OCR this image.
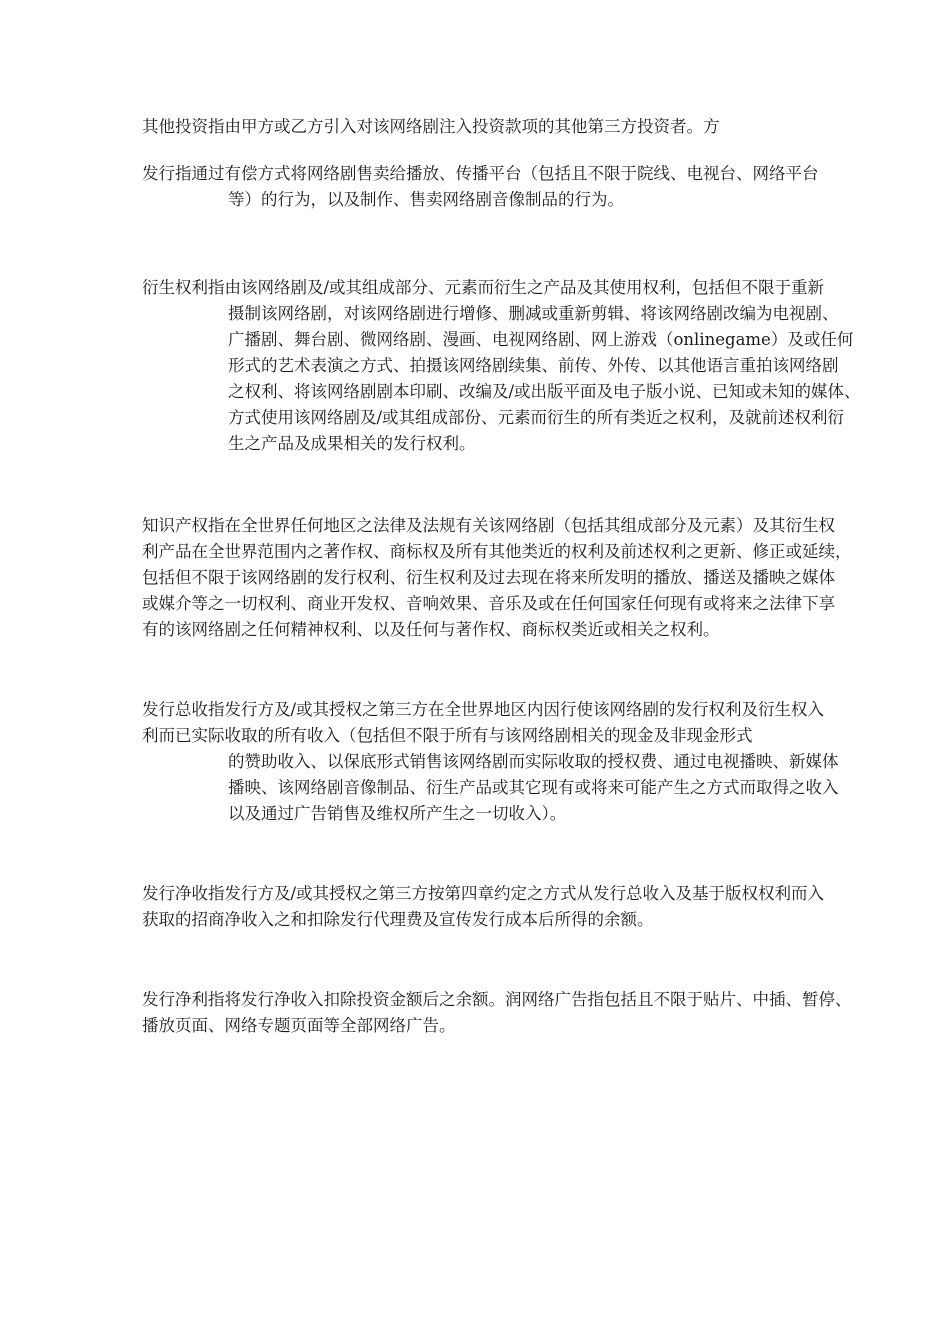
其他投资指由甲方或乙方引入对该网络剧注入投资款项的其他第三方投资者。方

发行指通过有偿方式将网络剧售卖给播放、传播平台（包括且不限于院线、电视台、网络平台
等）的行为，以及制作、售卖网络剧音像制品的行为。

衍生权利指由该网络剧及/或其组成部分、元素而衍生之产品及其使用权利，包括但不限于重新
摄制该网络剧，对该网络剧进行增修、删减或重新剪辑、将该网络剧改编为电视剧、
广播剧、舞台剧、微网络剧、漫画、电视网络剧、网上游戏（onlinegame）及或任何
形式的艺术表演之方式、拍摄该网络剧续集、前传、外传、以其他语言重拍该网络剧
之权利、将该网络剧剧本印刷、改编及/或出版平面及电子版小说、已知或未知的媒体、
方式使用该网络剧及/或其组成部份、元素而衍生的所有类近之权利，及就前述权利衍
生之产品及成果相关的发行权利。

知识产权指在全世界任何地区之法律及法规有关该网络剧（包括其组成部分及元素）及其衍生权
利产品在全世界范围内之著作权、商标权及所有其他类近的权利及前述权利之更新、修正或延续，
包括但不限于该网络剧的发行权利、衍生权利及过去现在将来所发明的播放、播送及播映之媒体
或媒介等之一切权利、商业开发权、音响效果、音乐及或在任何国家任何现有或将来之法律下享
有的该网络剧之任何精神权利、以及任何与著作权、商标权类近或相关之权利。

发行总收指发行方及/或其授权之第三方在全世界地区内因行使该网络剧的发行权利及衍生权入
利而已实际收取的所有收入（包括但不限于所有与该网络剧相关的现金及非现金形式
的赞助收入、以保底形式销售该网络剧而实际收取的授权费、通过电视播映、新媒体
播映、该网络剧音像制品、衍生产品或其它现有或将来可能产生之方式而取得之收入
以及通过广告销售及维权所产生之一切收入）。

发行净收指发行方及/或其授权之第三方按第四章约定之方式从发行总收入及基于版权权利而入
获取的招商净收入之和扣除发行代理费及宣传发行成本后所得的余额。

发行净利指将发行净收入扣除投资金额后之余额。润网络广告指包括且不限于贴片、中插、暂停、
播放页面、网络专题页面等全部网络广告。
